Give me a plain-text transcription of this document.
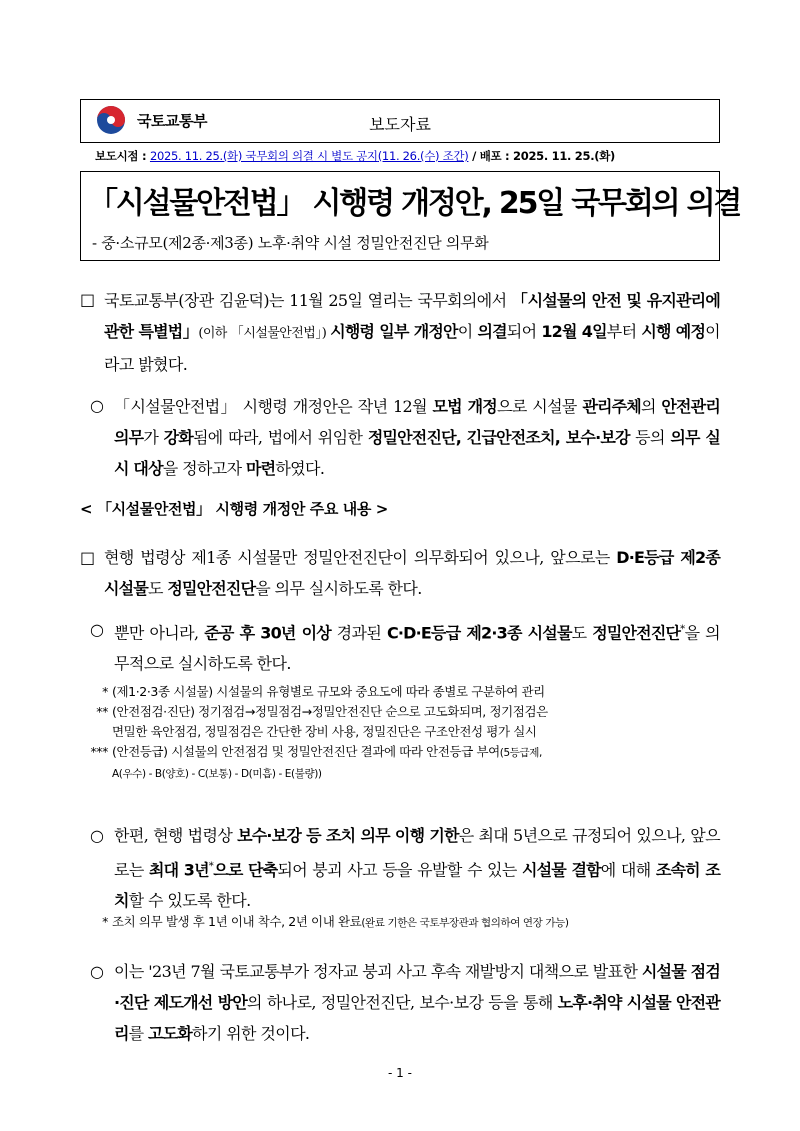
국토교통부	보도자료
보도시점 : 2025. 11. 25.(화) 국무회의 의결 시 별도 공지(11. 26.(수) 조간) / 배포 : 2025. 11. 25.(화)
「시설물안전법」 시행령 개정안, 25일 국무회의 의결
- 중·소규모(제2종·제3종) 노후·취약 시설 정밀안전진단 의무화
□ 국토교통부(장관 김윤덕)는 11월 25일 열리는 국무회의에서 「시설물의 안전 및 유지관리에 관한 특별법」(이하 「시설물안전법」) 시행령 일부 개정안이 의결되어 12월 4일부터 시행 예정이라고 밝혔다.
○ 「시설물안전법」 시행령 개정안은 작년 12월 모법 개정으로 시설물 관리주체의 안전관리 의무가 강화됨에 따라, 법에서 위임한 정밀안전진단, 긴급안전조치, 보수·보강 등의 의무 실시 대상을 정하고자 마련하였다.
< 「시설물안전법」 시행령 개정안 주요 내용 >
□ 현행 법령상 제1종 시설물만 정밀안전진단이 의무화되어 있으나, 앞으로는 D·E등급 제2종 시설물도 정밀안전진단을 의무 실시하도록 한다.
○ 뿐만 아니라, 준공 후 30년 이상 경과된 C·D·E등급 제2·3종 시설물도 정밀안전진단*을 의무적으로 실시하도록 한다.
* (제1·2·3종 시설물) 시설물의 유형별로 규모와 중요도에 따라 종별로 구분하여 관리
** (안전점검·진단) 정기점검→정밀점검→정밀안전진단 순으로 고도화되며, 정기점검은
면밀한 육안점검, 정밀점검은 간단한 장비 사용, 정밀진단은 구조안전성 평가 실시
*** (안전등급) 시설물의 안전점검 및 정밀안전진단 결과에 따라 안전등급 부여(5등급제,
A(우수) - B(양호) - C(보통) - D(미흡) - E(불량))
○ 한편, 현행 법령상 보수·보강 등 조치 의무 이행 기한은 최대 5년으로 규정되어 있으나, 앞으로는 최대 3년*으로 단축되어 붕괴 사고 등을 유발할 수 있는 시설물 결함에 대해 조속히 조치할 수 있도록 한다.
* 조치 의무 발생 후 1년 이내 착수, 2년 이내 완료(완료 기한은 국토부장관과 협의하여 연장 가능)
○ 이는 '23년 7월 국토교통부가 정자교 붕괴 사고 후속 재발방지 대책으로 발표한 시설물 점검·진단 제도개선 방안의 하나로, 정밀안전진단, 보수·보강 등을 통해 노후·취약 시설물 안전관리를 고도화하기 위한 것이다.
- 1 -
